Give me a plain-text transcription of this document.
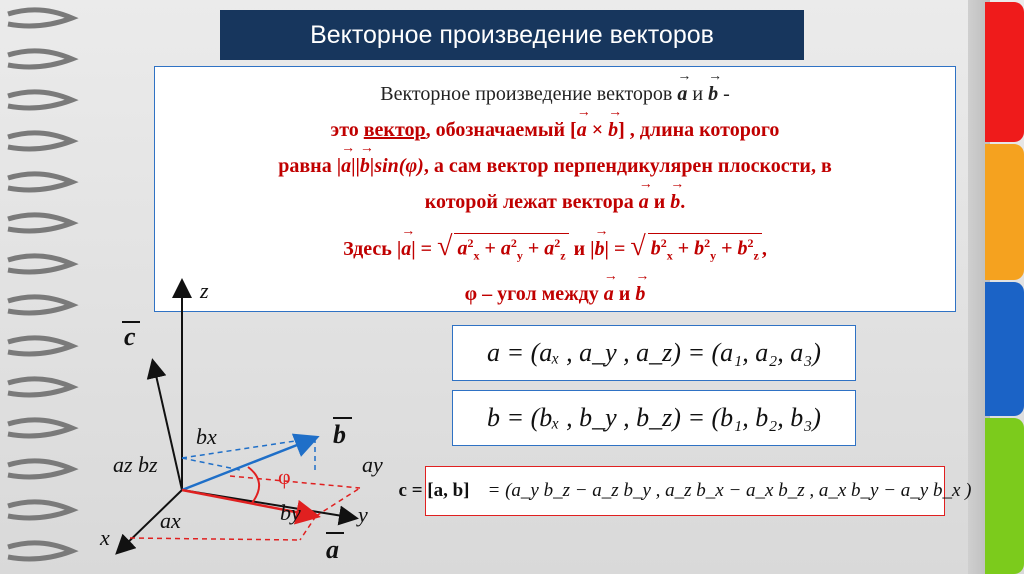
Векторное произведение векторов
Векторное произведение векторов → a и → b -
это вектор, обозначаемый [→ a × → b] , длина которого
равна |→ a||→ b|sin(φ), а сам вектор перпендикулярен плоскости, в
которой лежат вектора → a и → b.
Здесь |→ a| = √ $a^2_x + a^2_y + a^2_z$ и |→ b| = √ $b^2_x + b^2_y + b^2_z$ ,
φ – угол между → a и → b
a = (aₓ , a_y , a_z) = (a₁, a₂, a₃)
b = (bₓ , b_y , b_z) = (b₁, b₂, b₃)
c = [a, b] = (a_y b_z − a_z b_y , a_z b_x − a_x b_z , a_x b_y − a_y b_x )
z
y
x
bx
az bz	ay
by
ax
φ
c
b
a
